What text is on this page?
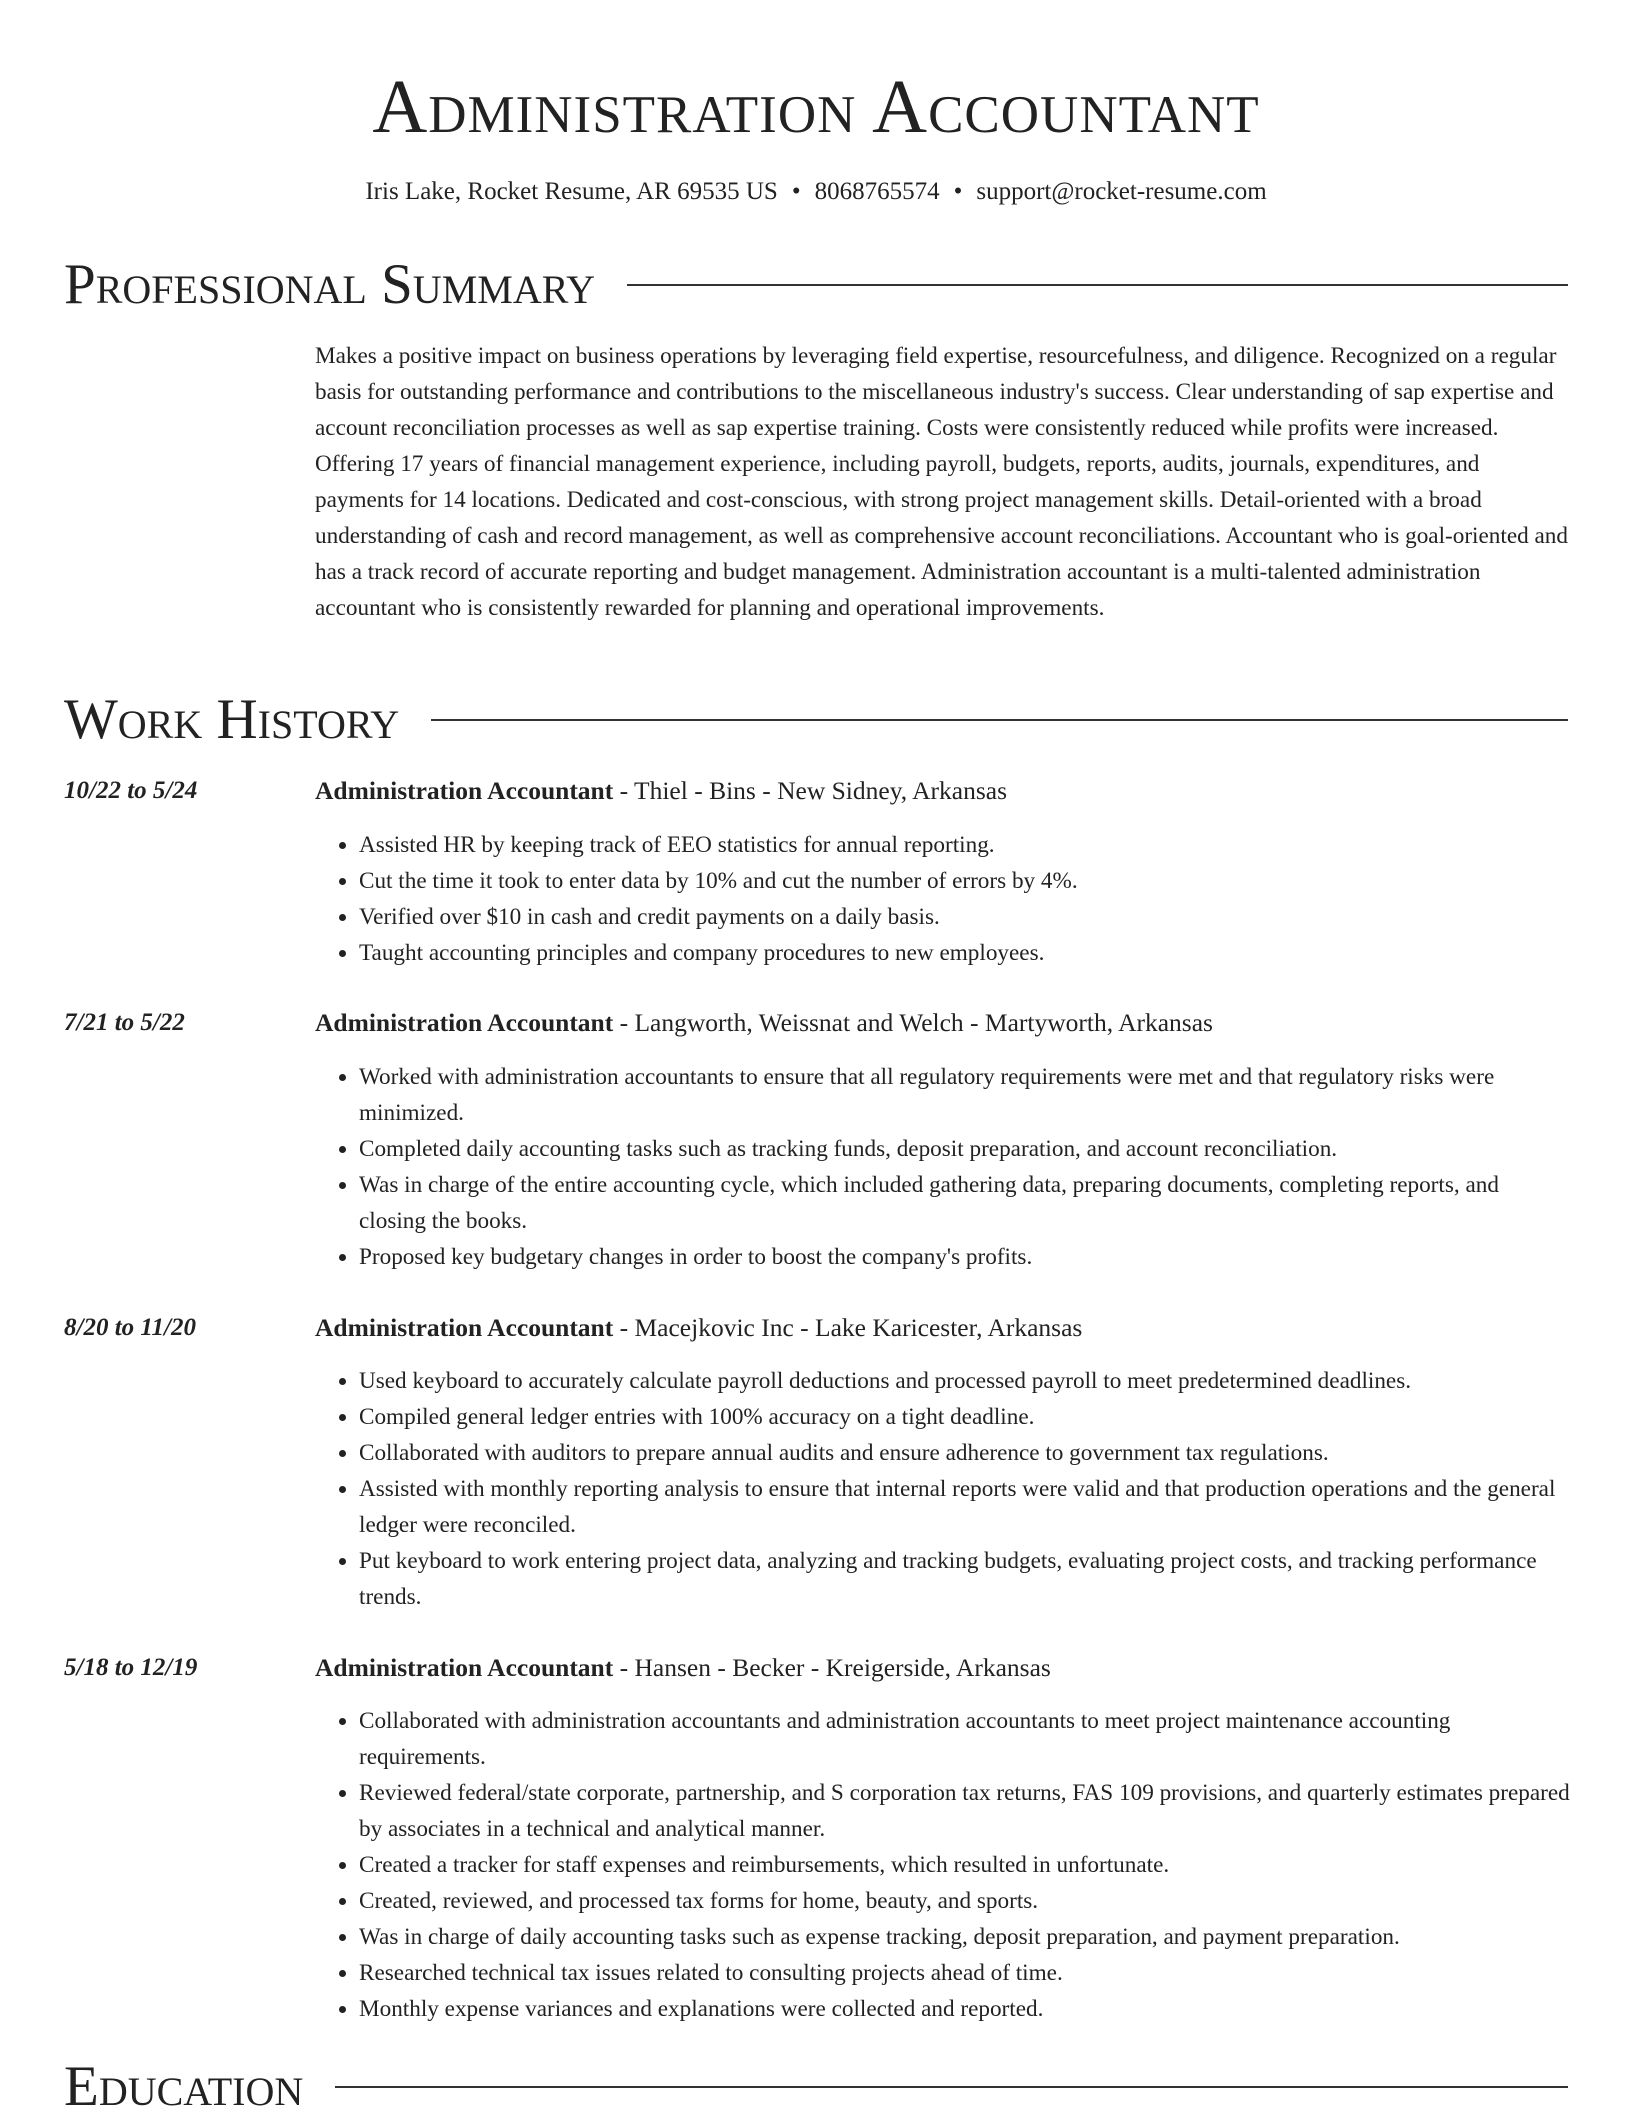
Administration Accountant
Iris Lake, Rocket Resume, AR 69535 US • 8068765574 • support@rocket-resume.com
Professional Summary
Makes a positive impact on business operations by leveraging field expertise, resourcefulness, and diligence. Recognized on a regular basis for outstanding performance and contributions to the miscellaneous industry's success. Clear understanding of sap expertise and account reconciliation processes as well as sap expertise training. Costs were consistently reduced while profits were increased. Offering 17 years of financial management experience, including payroll, budgets, reports, audits, journals, expenditures, and payments for 14 locations. Dedicated and cost-conscious, with strong project management skills. Detail-oriented with a broad understanding of cash and record management, as well as comprehensive account reconciliations. Accountant who is goal-oriented and has a track record of accurate reporting and budget management. Administration accountant is a multi-talented administration accountant who is consistently rewarded for planning and operational improvements.
Work History
10/22 to 5/24	Administration Accountant - Thiel - Bins - New Sidney, Arkansas
• Assisted HR by keeping track of EEO statistics for annual reporting.
• Cut the time it took to enter data by 10% and cut the number of errors by 4%.
• Verified over $10 in cash and credit payments on a daily basis.
• Taught accounting principles and company procedures to new employees.
7/21 to 5/22	Administration Accountant - Langworth, Weissnat and Welch - Martyworth, Arkansas
• Worked with administration accountants to ensure that all regulatory requirements were met and that regulatory risks were minimized.
• Completed daily accounting tasks such as tracking funds, deposit preparation, and account reconciliation.
• Was in charge of the entire accounting cycle, which included gathering data, preparing documents, completing reports, and closing the books.
• Proposed key budgetary changes in order to boost the company's profits.
8/20 to 11/20	Administration Accountant - Macejkovic Inc - Lake Karicester, Arkansas
• Used keyboard to accurately calculate payroll deductions and processed payroll to meet predetermined deadlines.
• Compiled general ledger entries with 100% accuracy on a tight deadline.
• Collaborated with auditors to prepare annual audits and ensure adherence to government tax regulations.
• Assisted with monthly reporting analysis to ensure that internal reports were valid and that production operations and the general ledger were reconciled.
• Put keyboard to work entering project data, analyzing and tracking budgets, evaluating project costs, and tracking performance trends.
5/18 to 12/19	Administration Accountant - Hansen - Becker - Kreigerside, Arkansas
• Collaborated with administration accountants and administration accountants to meet project maintenance accounting requirements.
• Reviewed federal/state corporate, partnership, and S corporation tax returns, FAS 109 provisions, and quarterly estimates prepared by associates in a technical and analytical manner.
• Created a tracker for staff expenses and reimbursements, which resulted in unfortunate.
• Created, reviewed, and processed tax forms for home, beauty, and sports.
• Was in charge of daily accounting tasks such as expense tracking, deposit preparation, and payment preparation.
• Researched technical tax issues related to consulting projects ahead of time.
• Monthly expense variances and explanations were collected and reported.
Education
